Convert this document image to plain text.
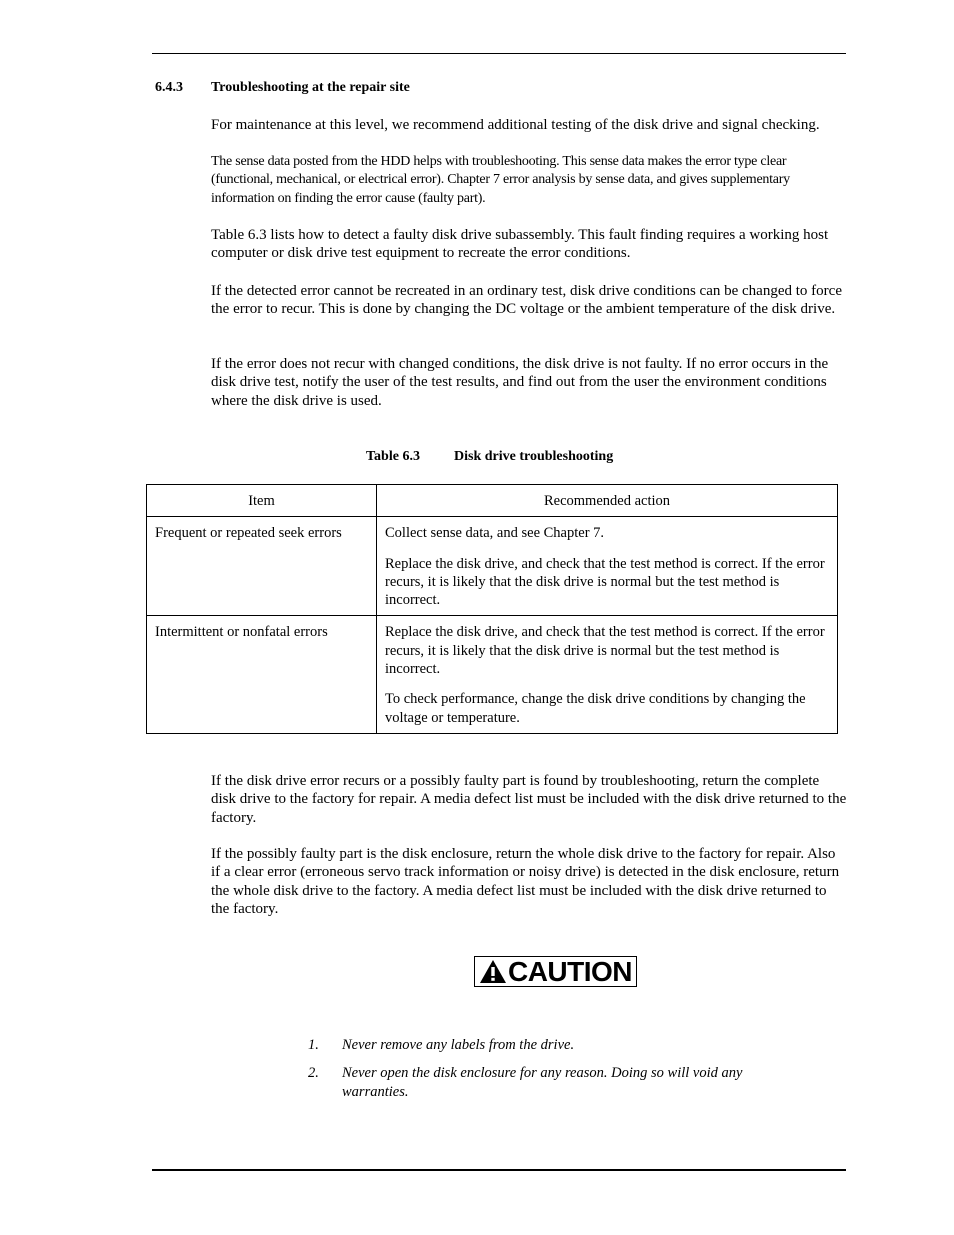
6.4.3 Troubleshooting at the repair site

For maintenance at this level, we recommend additional testing of the disk drive and signal checking.

The sense data posted from the HDD helps with troubleshooting. This sense data makes the error type clear (functional, mechanical, or electrical error). Chapter 7 error analysis by sense data, and gives supplementary information on finding the error cause (faulty part).

Table 6.3 lists how to detect a faulty disk drive subassembly. This fault finding requires a working host computer or disk drive test equipment to recreate the error conditions.

If the detected error cannot be recreated in an ordinary test, disk drive conditions can be changed to force the error to recur. This is done by changing the DC voltage or the ambient temperature of the disk drive.

If the error does not recur with changed conditions, the disk drive is not faulty. If no error occurs in the disk drive test, notify the user of the test results, and find out from the user the environment conditions where the disk drive is used.

Table 6.3 Disk drive troubleshooting
Item	Recommended action
Frequent or repeated seek errors	Collect sense data, and see Chapter 7.

Replace the disk drive, and check that the test method is correct. If the error recurs, it is likely that the disk drive is normal but the test method is incorrect.

Intermittent or nonfatal errors	Replace the disk drive, and check that the test method is correct. If the error recurs, it is likely that the disk drive is normal but the test method is incorrect.

To check performance, change the disk drive conditions by changing the voltage or temperature.

If the disk drive error recurs or a possibly faulty part is found by troubleshooting, return the complete disk drive to the factory for repair. A media defect list must be included with the disk drive returned to the factory.

If the possibly faulty part is the disk enclosure, return the whole disk drive to the factory for repair. Also if a clear error (erroneous servo track information or noisy drive) is detected in the disk enclosure, return the whole disk drive to the factory. A media defect list must be included with the disk drive returned to the factory.

CAUTION
1.	Never remove any labels from the drive.
2.	Never open the disk enclosure for any reason. Doing so will void any warranties.
